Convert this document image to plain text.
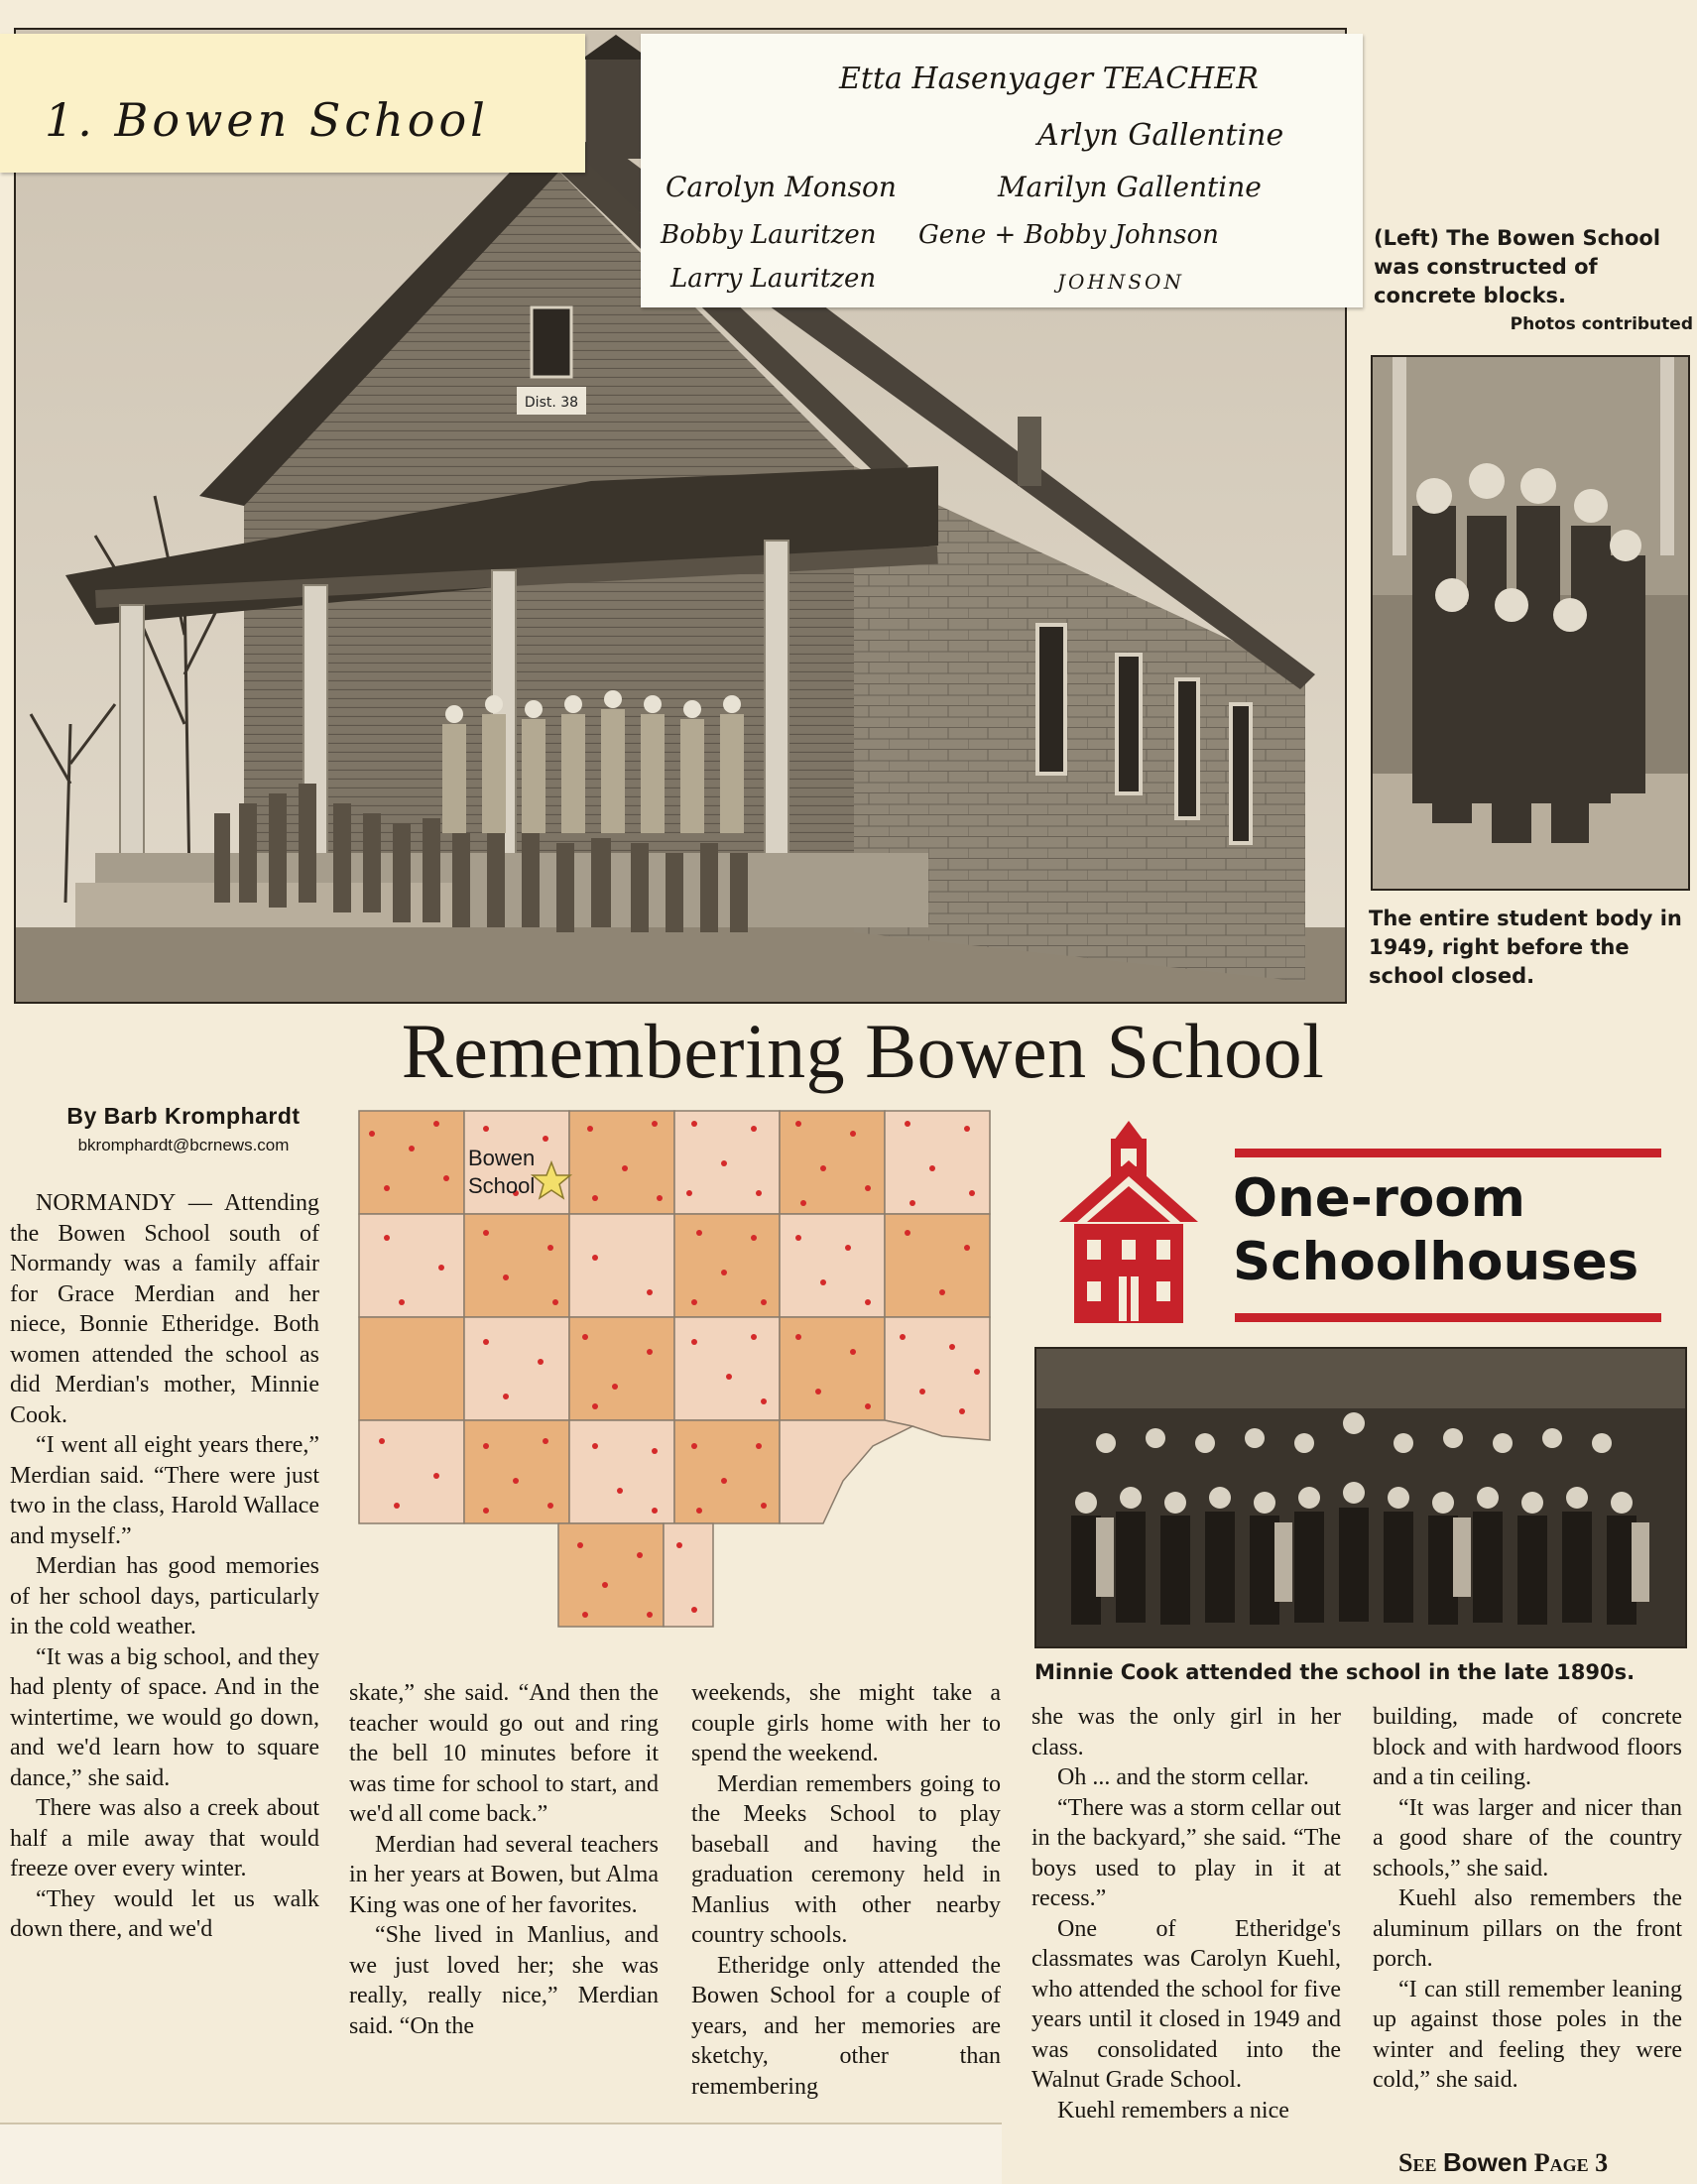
Dist. 38
1. Bowen School
Etta Hasenyager TEACHER
Arlyn Gallentine
Carolyn Monson	Marilyn Gallentine
Bobby Lauritzen Gene + Bobby Johnson
Larry Lauritzen	JOHNSON
(Left) The Bowen School was constructed of concrete blocks.
Photos contributed
The entire student body in 1949, right before the school closed.
Remembering Bowen School
By Barb Kromphardt
bkromphardt@bcrnews.com
Bowen
School	One-room
Schoolhouses
Minnie Cook attended the school in the late 1890s.

NORMANDY — Attending the Bowen School south of Normandy was a family affair for Grace Merdian and her niece, Bonnie Etheridge. Both women attended the school as did Merdian's mother, Minnie Cook.

“I went all eight years there,” Merdian said. “There were just two in the class, Harold Wallace and myself.”

Merdian has good memories of her school days, particularly in the cold weather.

“It was a big school, and they had plenty of space. And in the wintertime, we would go down, and we'd learn how to square dance,” she said.

There was also a creek about half a mile away that would freeze over every winter.

“They would let us walk down there, and we'd

skate,” she said. “And then the teacher would go out and ring the bell 10 minutes before it was time for school to start, and we'd all come back.”

Merdian had several teachers in her years at Bowen, but Alma King was one of her favorites.

“She lived in Manlius, and we just loved her; she was really, really nice,” Merdian said. “On the

weekends, she might take a couple girls home with her to spend the weekend.

Merdian remembers going to the Meeks School to play baseball and having the graduation ceremony held in Manlius with other nearby country schools.

Etheridge only attended the Bowen School for a couple of years, and her memories are sketchy, other than remembering

she was the only girl in her class.

Oh ... and the storm cellar.

“There was a storm cellar out in the backyard,” she said. “The boys used to play in it at recess.”

One of Etheridge's classmates was Carolyn Kuehl, who attended the school for five years until it closed in 1949 and was consolidated into the Walnut Grade School.

Kuehl remembers a nice

building, made of concrete block and with hardwood floors and a tin ceiling.

“It was larger and nicer than a good share of the country schools,” she said.

Kuehl also remembers the aluminum pillars on the front porch.

“I can still remember leaning up against those poles in the winter and feeling they were cold,” she said.

See Bowen Page 3
